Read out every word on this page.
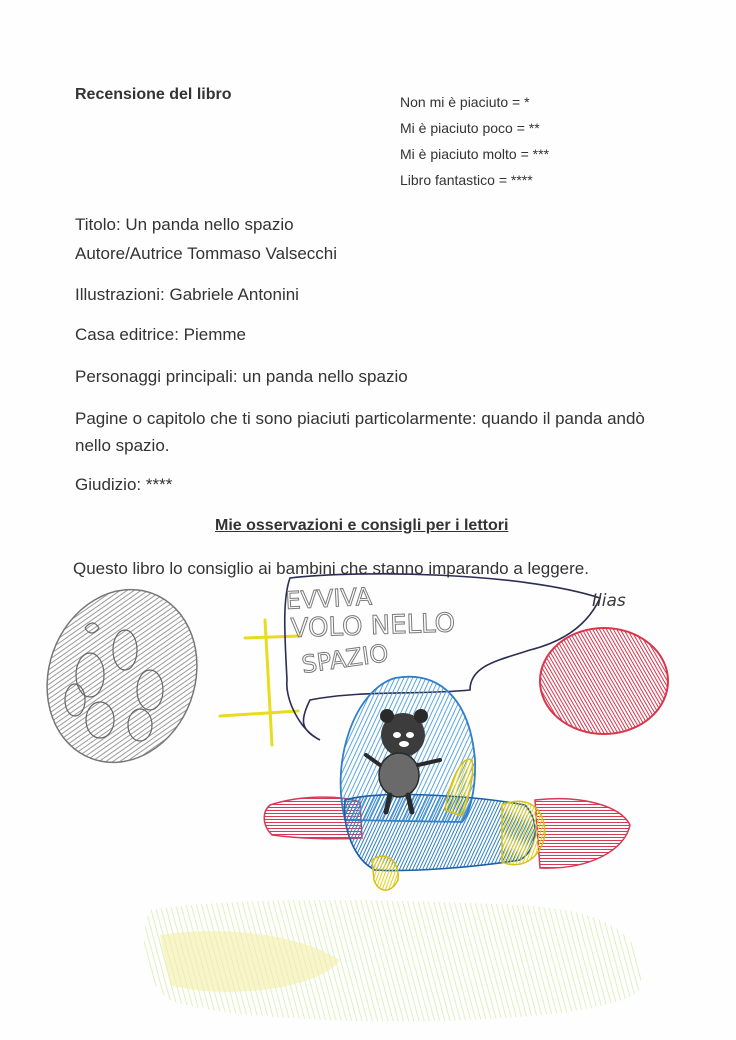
Recensione del libro	Non mi è piaciuto = *
Mi è piaciuto poco = **
Mi è piaciuto molto = ***
Libro fantastico = ****
Titolo: Un panda nello spazio
Autore/Autrice Tommaso Valsecchi
Illustrazioni: Gabriele Antonini
Casa editrice: Piemme
Personaggi principali: un panda nello spazio
Pagine o capitolo che ti sono piaciuti particolarmente: quando il panda andò nello spazio.
Giudizio: ****
Mie osservazioni e consigli per i lettori
Questo libro lo consiglio ai bambini che stanno imparando a leggere.
EVVIVA
VOLO NELLO
SPAZIO
Ilias
